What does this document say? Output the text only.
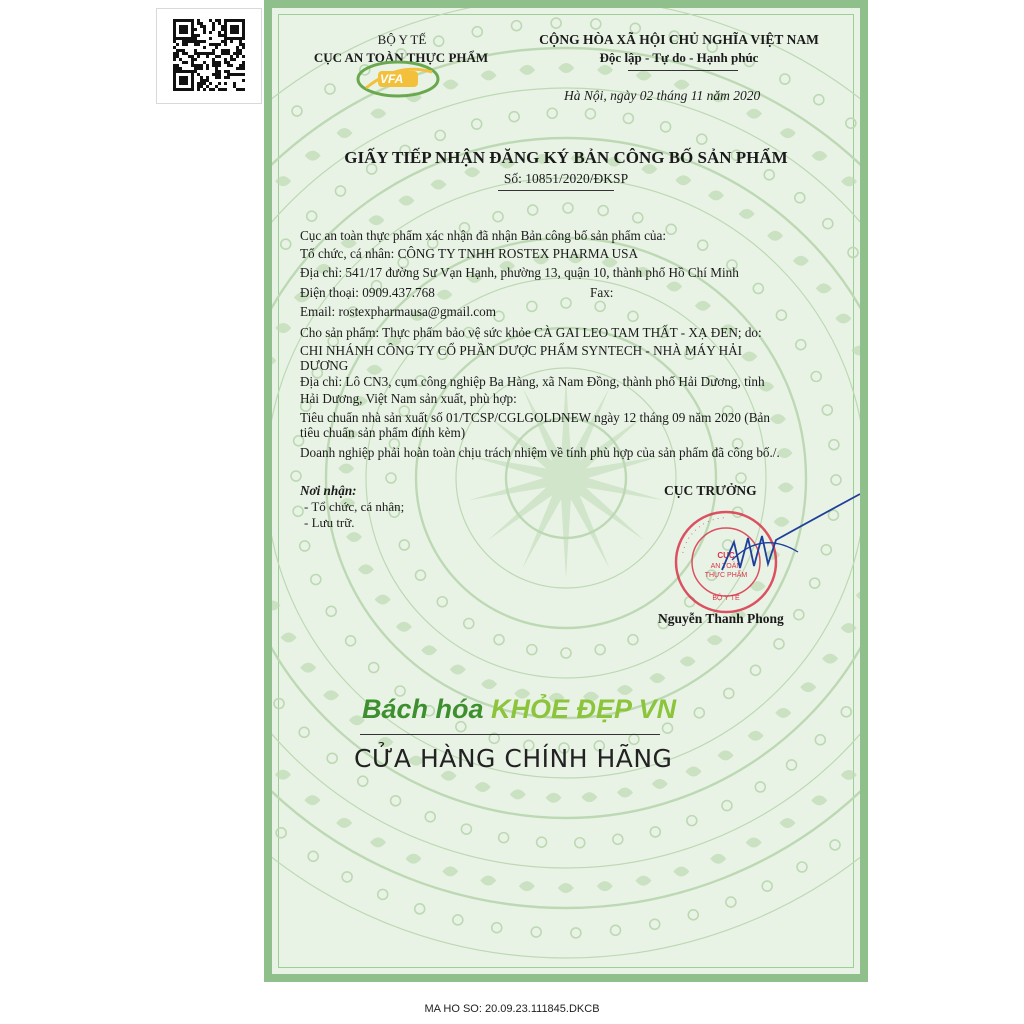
BỘ Y TẾ
CỤC AN TOÀN THỰC PHẨM
VFA
CỘNG HÒA XÃ HỘI CHỦ NGHĨA VIỆT NAM
Độc lập - Tự do - Hạnh phúc
Hà Nội, ngày 02 tháng 11 năm 2020
GIẤY TIẾP NHẬN ĐĂNG KÝ BẢN CÔNG BỐ SẢN PHẨM
Số: 10851/2020/ĐKSP
Cục an toàn thực phẩm xác nhận đã nhận Bản công bố sản phẩm của:
Tổ chức, cá nhân: CÔNG TY TNHH ROSTEX PHARMA USA
Địa chỉ: 541/17 đường Sư Vạn Hạnh, phường 13, quận 10, thành phố Hồ Chí Minh
Điện thoại: 0909.437.768
Email: rostexpharmausa@gmail.com
Cho sản phẩm: Thực phẩm bảo vệ sức khỏe CÀ GAI LEO TAM THẤT - XẠ ĐEN; do:
CHI NHÁNH CÔNG TY CỔ PHẦN DƯỢC PHẨM SYNTECH - NHÀ MÁY HẢI
DƯƠNG
Địa chỉ: Lô CN3, cụm công nghiệp Ba Hàng, xã Nam Đồng, thành phố Hải Dương, tỉnh
Hải Dương, Việt Nam sản xuất, phù hợp:
Tiêu chuẩn nhà sản xuất số 01/TCSP/CGLGOLDNEW ngày 12 tháng 09 năm 2020 (Bản
tiêu chuẩn sản phẩm đính kèm)
Doanh nghiệp phải hoàn toàn chịu trách nhiệm về tính phù hợp của sản phẩm đã công bố./.
Fax:
Nơi nhận:
- Tổ chức, cá nhân;
- Lưu trữ.
CỤC TRƯỞNG
· · · · · · · · · · · ·
CỤC
AN TOÀN
THỰC PHẨM
BỘ Y TẾ
Nguyễn Thanh Phong
Bách hóa KHỎE ĐẸP VN
CỬA HÀNG CHÍNH HÃNG
MA HO SO: 20.09.23.111845.DKCB
